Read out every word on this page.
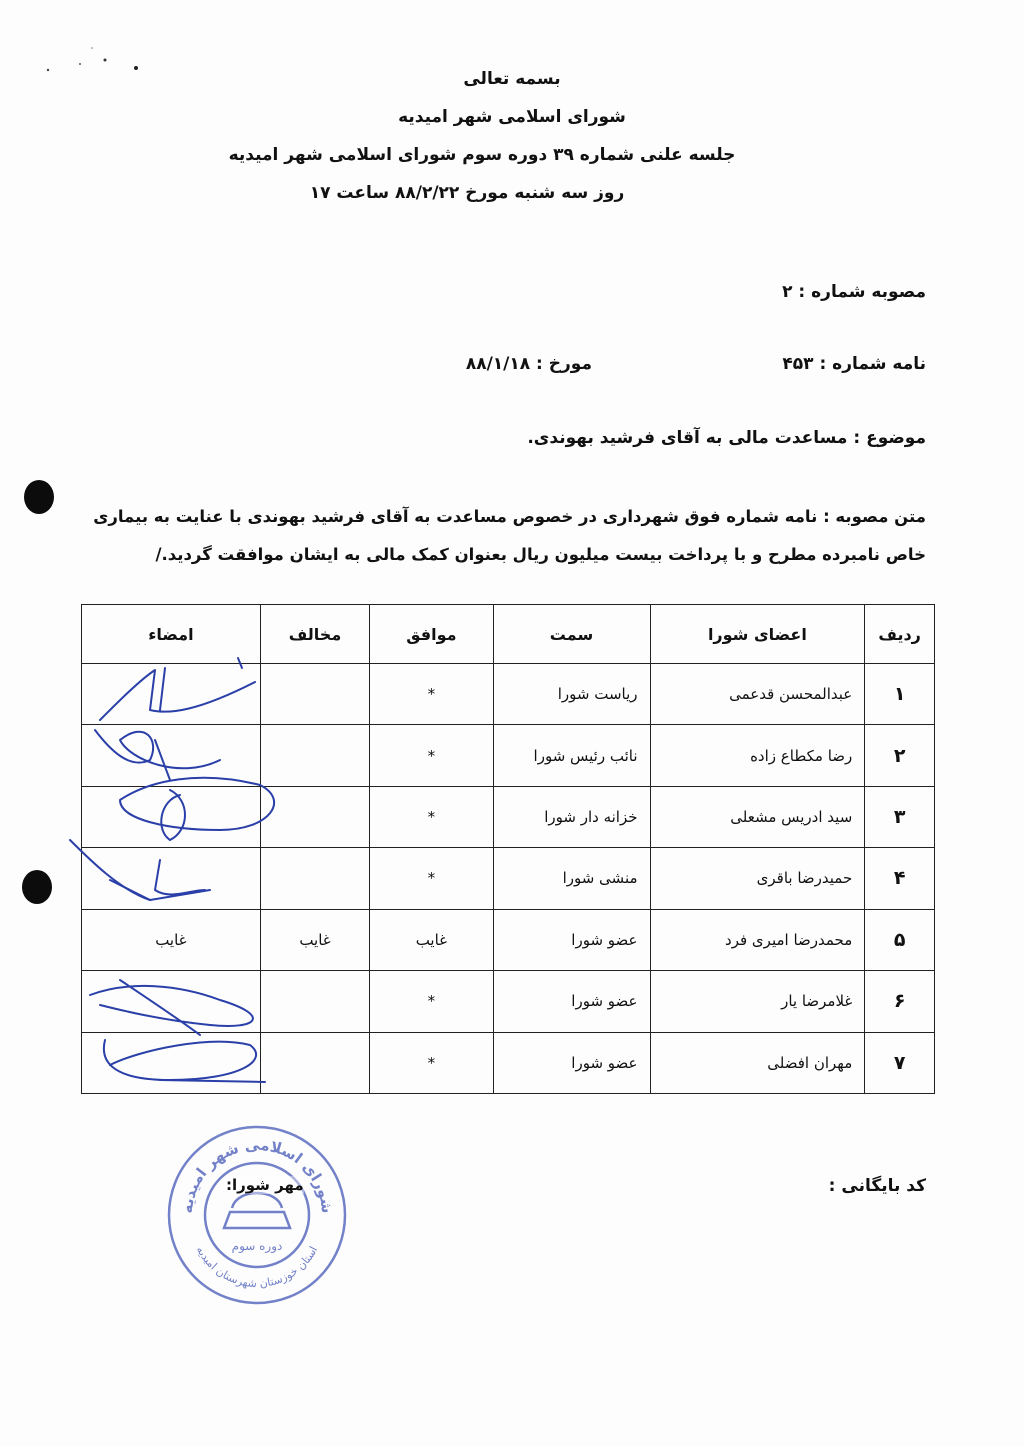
بسمه تعالی
شورای اسلامی شهر امیدیه
جلسه علنی شماره ۳۹ دوره سوم شورای اسلامی شهر امیدیه
روز سه شنبه مورخ ۸۸/۲/۲۲ ساعت ۱۷
مصوبه شماره : ۲
نامه شماره : ۴۵۳
مورخ : ۸۸/۱/۱۸
موضوع : مساعدت مالی به آقای فرشید بهوندی.
متن مصوبه : نامه شماره فوق شهرداری در خصوص مساعدت به آقای فرشید بهوندی با عنایت به بیماری خاص نامبرده مطرح و با پرداخت بیست میلیون ریال بعنوان کمک مالی به ایشان موافقت گردید./
ردیف	اعضای شورا	سمت	موافق	مخالف	امضاء
۱	عبدالمحسن قدعمی	ریاست شورا	*		
۲	رضا مکطاع زاده	نائب رئیس شورا	*		
۳	سید ادریس مشعلی	خزانه دار شورا	*		
۴	حمیدرضا باقری	منشی شورا	*		
۵	محمدرضا امیری فرد	عضو شورا	غایب	غایب	غایب
۶	غلامرضا یار	عضو شورا	*		
۷	مهران افضلی	عضو شورا	*		
شورای اسلامی شهر امیدیه
استان خوزستان شهرستان امیدیه
دوره سوم
مهر شورا:	کد بایگانی :
